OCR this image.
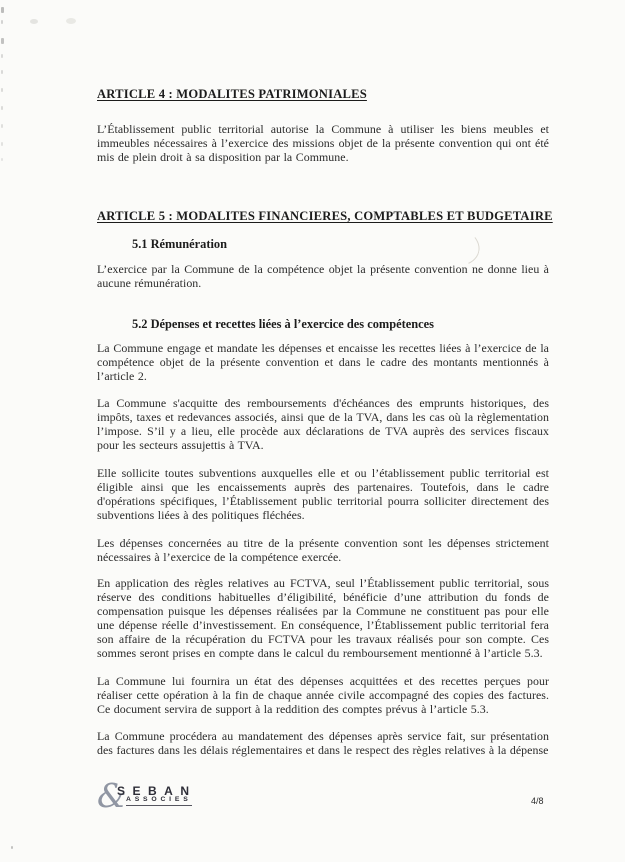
ARTICLE 4 : MODALITES PATRIMONIALES

L’Établissement public territorial autorise la Commune à utiliser les biens meubles et immeubles nécessaires à l’exercice des missions objet de la présente convention qui ont été mis de plein droit à sa disposition par la Commune.

ARTICLE 5 : MODALITES FINANCIERES, COMPTABLES ET BUDGETAIRE
5.1 Rémunération

L’exercice par la Commune de la compétence objet la présente convention ne donne lieu à aucune rémunération.

5.2 Dépenses et recettes liées à l’exercice des compétences

La Commune engage et mandate les dépenses et encaisse les recettes liées à l’exercice de la compétence objet de la présente convention et dans le cadre des montants mentionnés à l’article 2.

La Commune s'acquitte des remboursements d'échéances des emprunts historiques, des impôts, taxes et redevances associés, ainsi que de la TVA, dans les cas où la règlementation l’impose. S’il y a lieu, elle procède aux déclarations de TVA auprès des services fiscaux pour les secteurs assujettis à TVA.

Elle sollicite toutes subventions auxquelles elle et ou l’établissement public territorial est éligible ainsi que les encaissements auprès des partenaires. Toutefois, dans le cadre d'opérations spécifiques, l’Établissement public territorial pourra solliciter directement des subventions liées à des politiques fléchées.

Les dépenses concernées au titre de la présente convention sont les dépenses strictement nécessaires à l’exercice de la compétence exercée.

En application des règles relatives au FCTVA, seul l’Établissement public territorial, sous réserve des conditions habituelles d’éligibilité, bénéficie d’une attribution du fonds de compensation puisque les dépenses réalisées par la Commune ne constituent pas pour elle une dépense réelle d’investissement. En conséquence, l’Établissement public territorial fera son affaire de la récupération du FCTVA pour les travaux réalisés pour son compte. Ces sommes seront prises en compte dans le calcul du remboursement mentionné à l’article 5.3.

La Commune lui fournira un état des dépenses acquittées et des recettes perçues pour réaliser cette opération à la fin de chaque année civile accompagné des copies des factures. Ce document servira de support à la reddition des comptes prévus à l’article 5.3.

La Commune procédera au mandatement des dépenses après service fait, sur présentation des factures dans les délais réglementaires et dans le respect des règles relatives à la dépense

&
SEBAN
ASSOCIES	4/8
